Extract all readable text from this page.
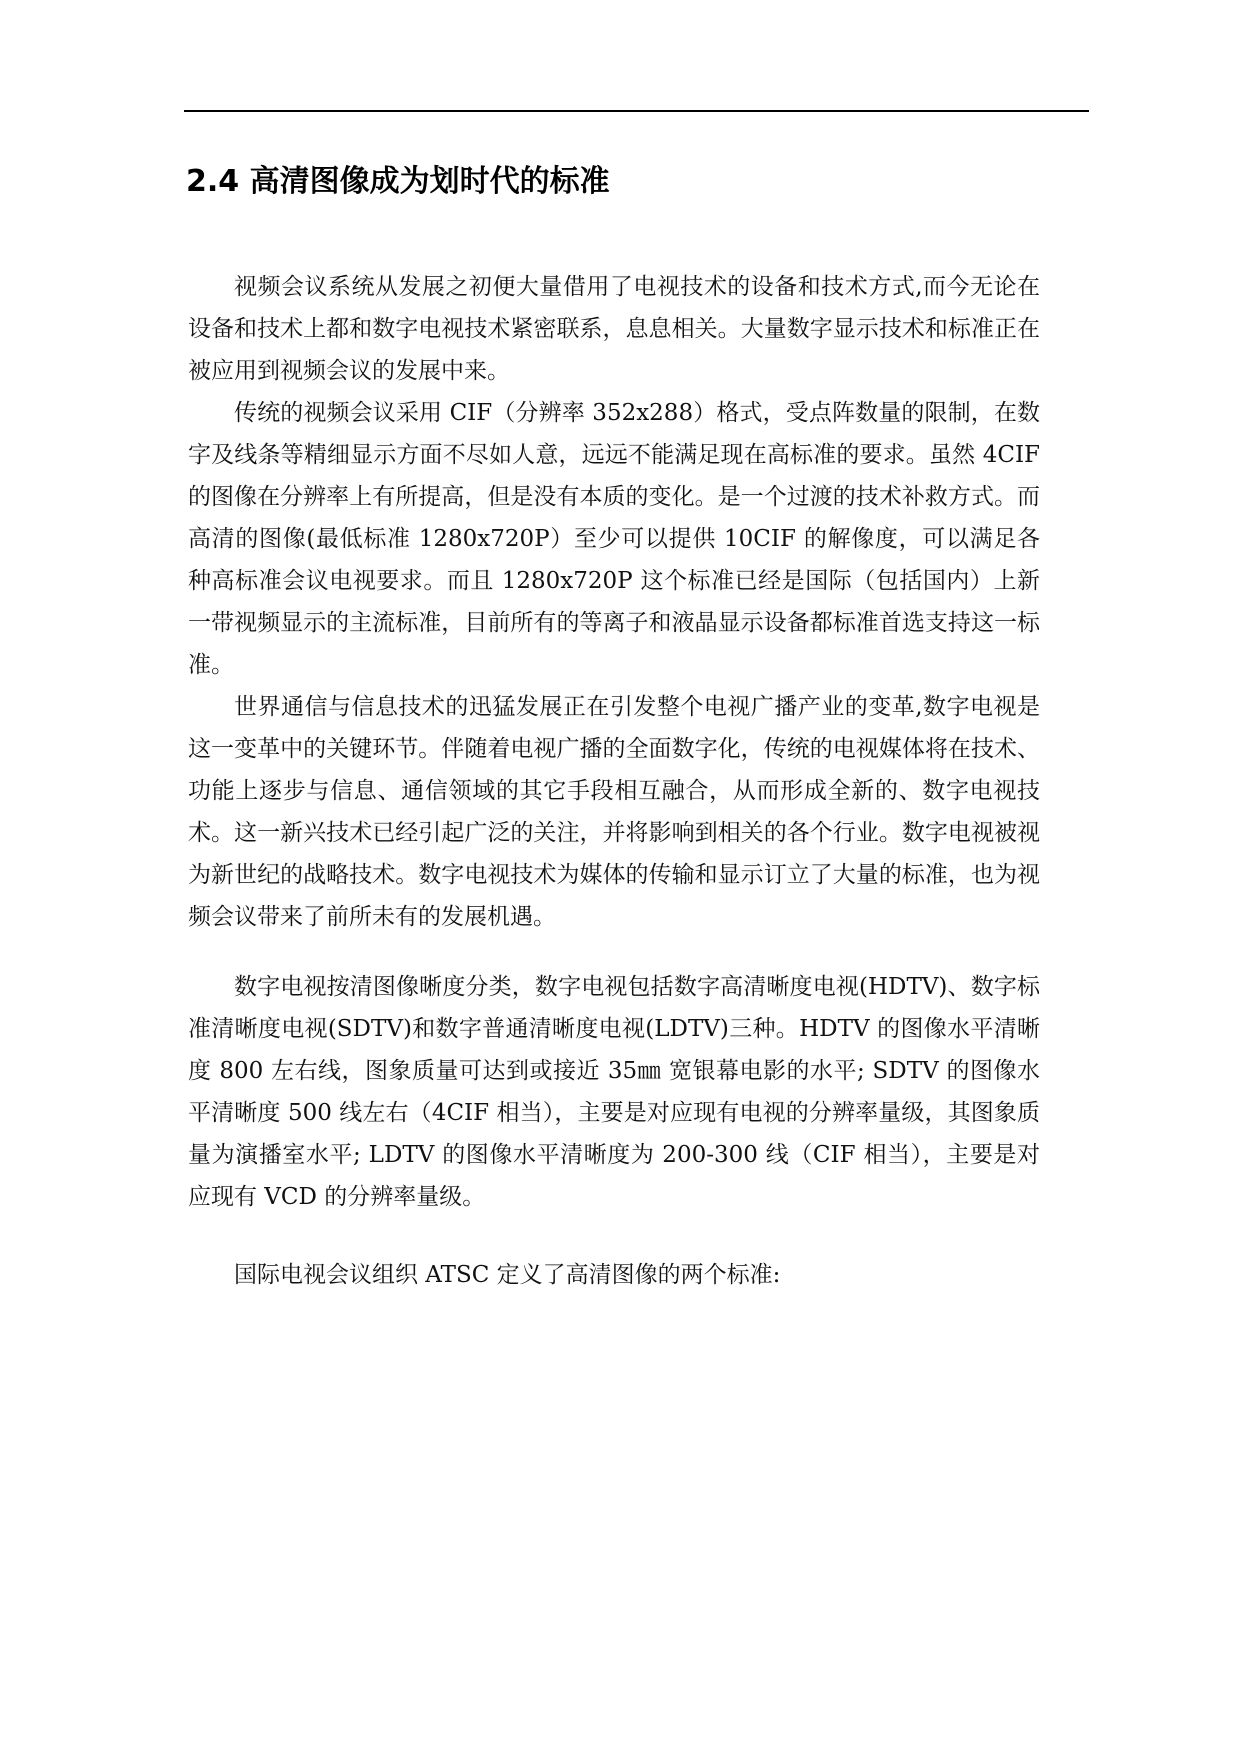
2.4 高清图像成为划时代的标准

视频会议系统从发展之初便大量借用了电视技术的设备和技术方式,而今无论在设备和技术上都和数字电视技术紧密联系，息息相关。大量数字显示技术和标准正在被应用到视频会议的发展中来。

传统的视频会议采用 CIF（分辨率 352x288）格式，受点阵数量的限制，在数字及线条等精细显示方面不尽如人意，远远不能满足现在高标准的要求。虽然 4CIF 的图像在分辨率上有所提高，但是没有本质的变化。是一个过渡的技术补救方式。而高清的图像(最低标准 1280x720P）至少可以提供 10CIF 的解像度，可以满足各种高标准会议电视要求。而且 1280x720P 这个标准已经是国际（包括国内）上新一带视频显示的主流标准，目前所有的等离子和液晶显示设备都标准首选支持这一标准。

世界通信与信息技术的迅猛发展正在引发整个电视广播产业的变革,数字电视是这一变革中的关键环节。伴随着电视广播的全面数字化，传统的电视媒体将在技术、功能上逐步与信息、通信领域的其它手段相互融合，从而形成全新的、数字电视技术。这一新兴技术已经引起广泛的关注，并将影响到相关的各个行业。数字电视被视为新世纪的战略技术。数字电视技术为媒体的传输和显示订立了大量的标准，也为视频会议带来了前所未有的发展机遇。

数字电视按清图像晰度分类，数字电视包括数字高清晰度电视(HDTV)、数字标准清晰度电视(SDTV)和数字普通清晰度电视(LDTV)三种。HDTV 的图像水平清晰度 800 左右线，图象质量可达到或接近 35㎜ 宽银幕电影的水平; SDTV 的图像水平清晰度 500 线左右（4CIF 相当），主要是对应现有电视的分辨率量级，其图象质量为演播室水平; LDTV 的图像水平清晰度为 200-300 线（CIF 相当），主要是对应现有 VCD 的分辨率量级。

国际电视会议组织 ATSC 定义了高清图像的两个标准:
